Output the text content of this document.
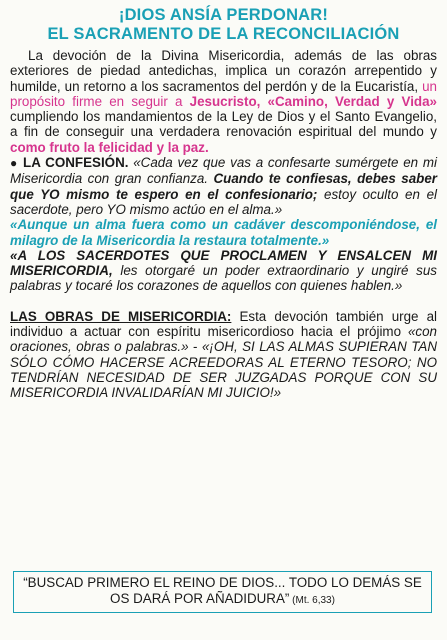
¡DIOS ANSÍA PERDONAR!
EL SACRAMENTO DE LA RECONCILIACIÓN

La devoción de la Divina Misericordia, además de las obras exteriores de piedad antedichas, implica un corazón arrepentido y humilde, un retorno a los sacramentos del perdón y de la Eucaristía, un propósito firme en seguir a Jesucristo, «Camino, Verdad y Vida» cumpliendo los mandamientos de la Ley de Dios y el Santo Evangelio, a fin de conseguir una verdadera renovación espiritual del mundo y como fruto la felicidad y la paz.

● LA CONFESIÓN. «Cada vez que vas a confesarte sumérgete en mi Misericordia con gran confianza. Cuando te confiesas, debes saber que YO mismo te espero en el confesionario; estoy oculto en el sacerdote, pero YO mismo actúo en el alma.»

«Aunque un alma fuera como un cadáver descomponiéndose, el milagro de la Misericordia la restaura totalmente.»

«A LOS SACERDOTES QUE PROCLAMEN Y ENSALCEN MI MISERICORDIA, les otorgaré un poder extraordinario y ungiré sus palabras y tocaré los corazones de aquellos con quienes hablen.»

LAS OBRAS DE MISERICORDIA: Esta devoción también urge al individuo a actuar con espíritu misericordioso hacia el prójimo «con oraciones, obras o palabras.» - «¡OH, SI LAS ALMAS SUPIERAN TAN SÓLO CÓMO HACERSE ACREEDORAS AL ETERNO TESORO; NO TENDRÍAN NECESIDAD DE SER JUZGADAS PORQUE CON SU MISERICORDIA INVALIDARÍAN MI JUICIO!»

“BUSCAD PRIMERO EL REINO DE DIOS... TODO LO DEMÁS SE OS DARÁ POR AÑADIDURA” (Mt. 6,33)
